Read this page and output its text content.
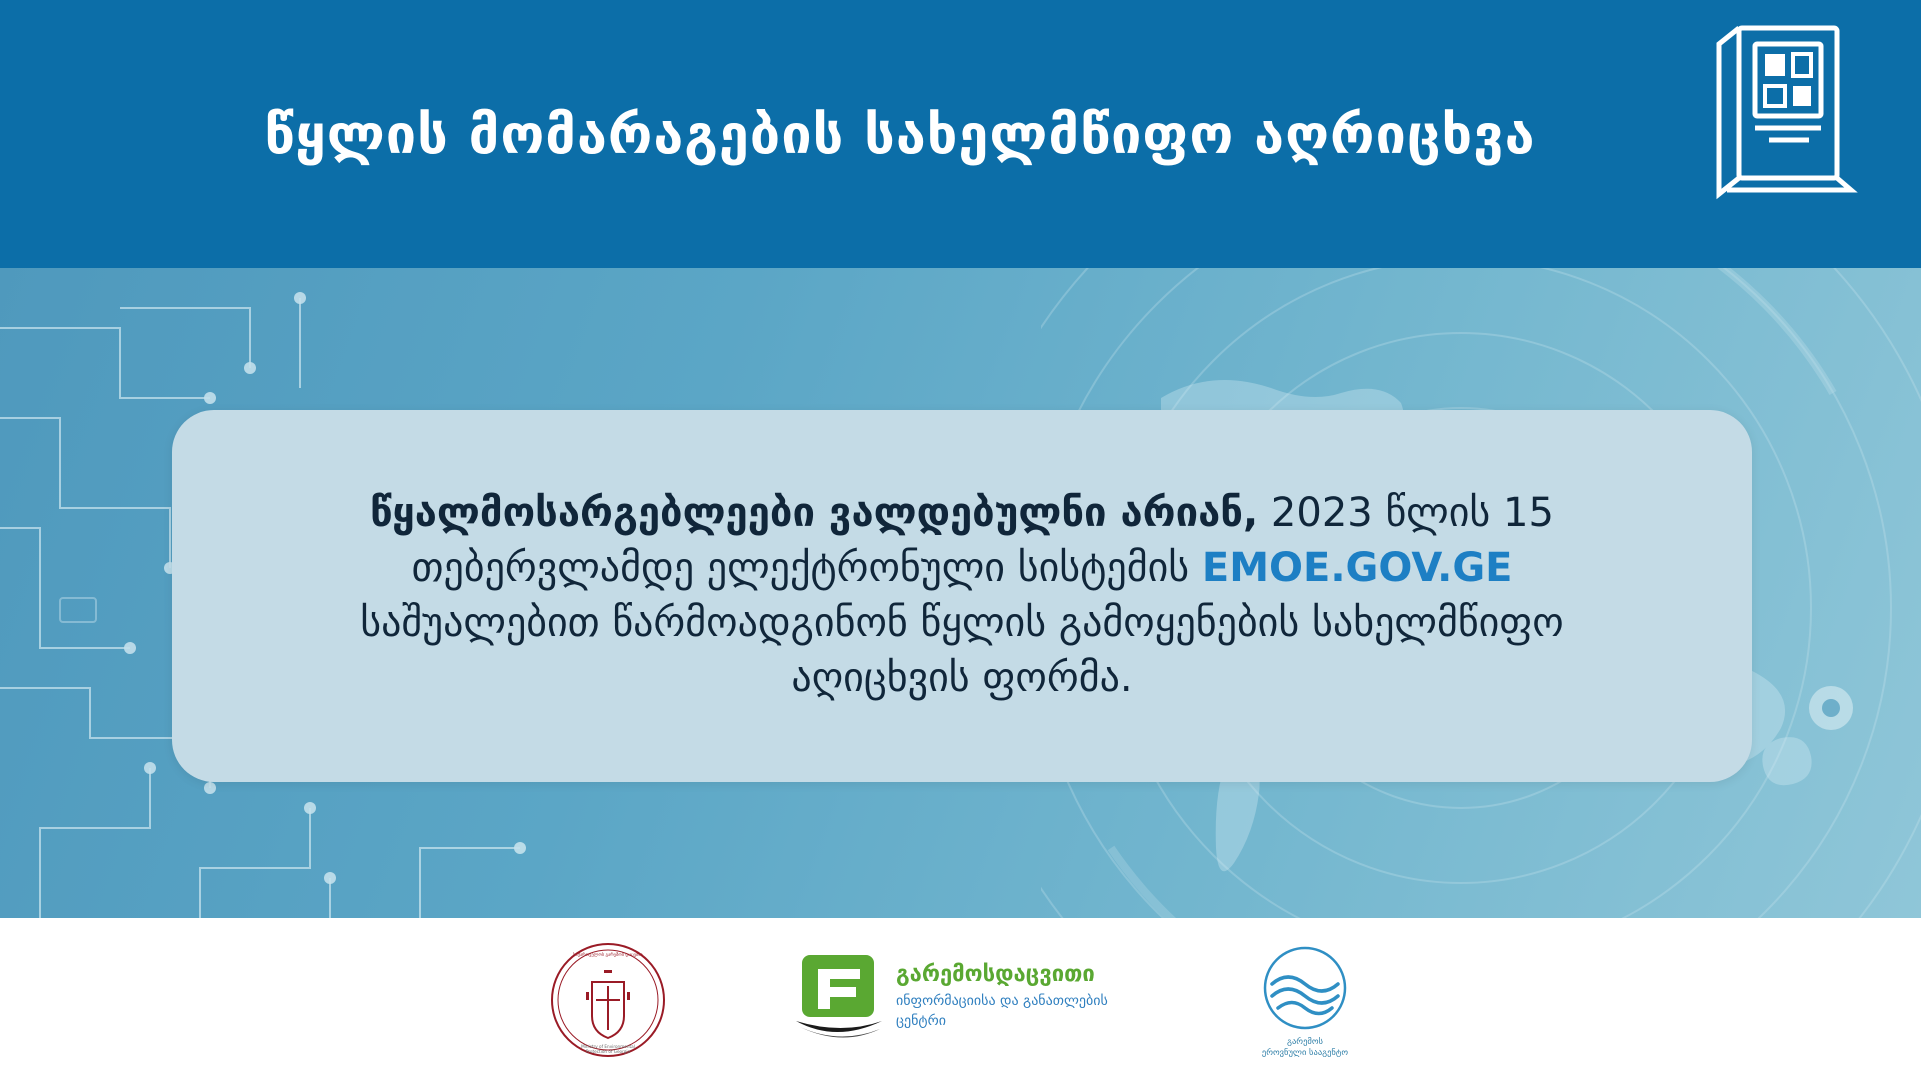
წყლის მომარაგების სახელმწიფო აღრიცხვა
წყალმოსარგებლეები ვალდებულნი არიან, 2023 წლის 15 თებერვლამდე ელექტრონული სისტემის EMOE.GOV.GE საშუალებით წარმოადგინონ წყლის გამოყენების სახელმწიფო აღიცხვის ფორმა.
საქართველოს გარემოს დაცვისა
Ministry of Environmental
Protection of Georgia
გარემოსდაცვითი
ინფორმაციისა და განათლების
ცენტრი
გარემოს
ეროვნული სააგენტო
